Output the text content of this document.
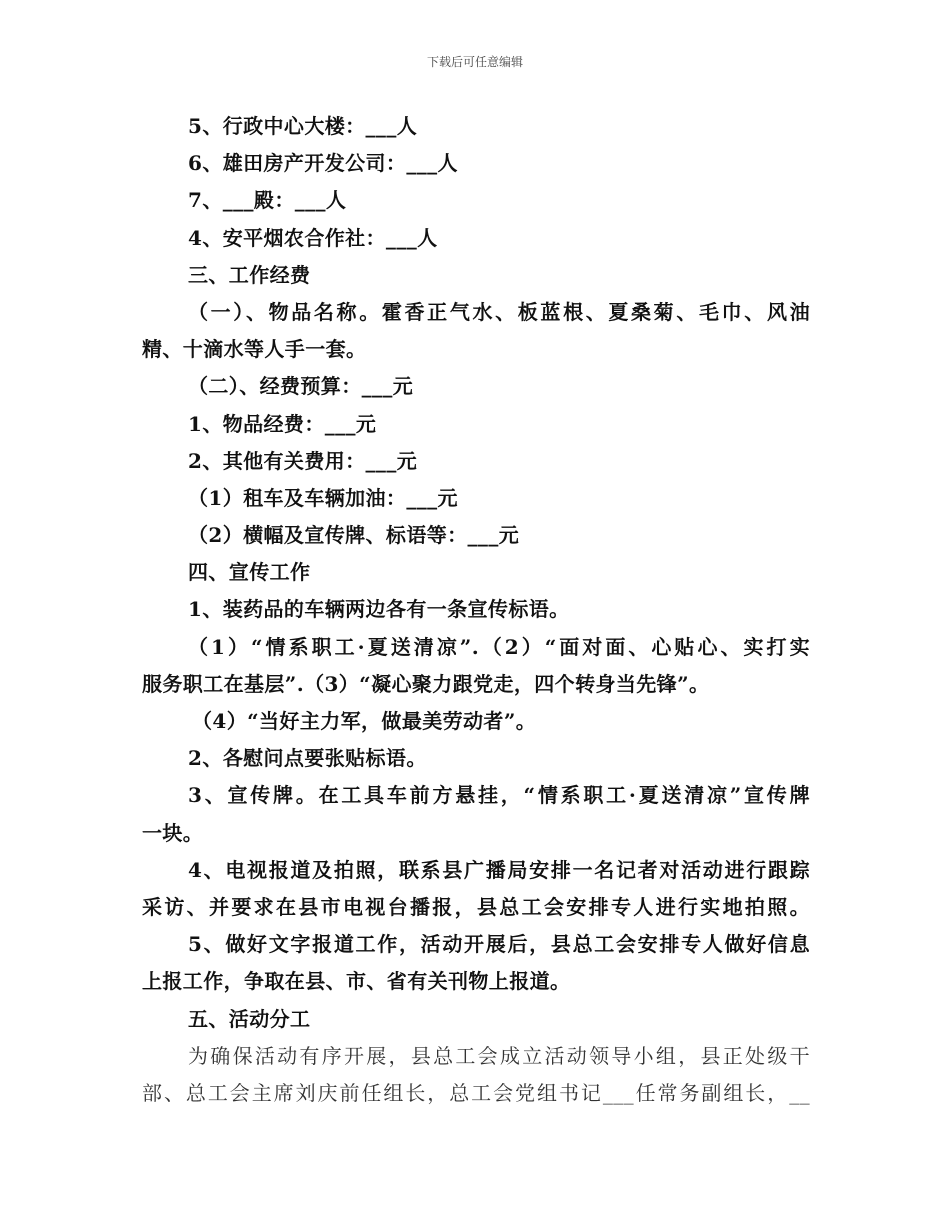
下载后可任意编辑
5、行政中心大楼：___人
6、雄田房产开发公司：___人
7、___殿：___人
4、安平烟农合作社：___人
三、工作经费
（一）、物品名称。霍香正气水、板蓝根、夏桑菊、毛巾、风油
精、十滴水等人手一套。
（二）、经费预算：___元
1、物品经费：___元
2、其他有关费用：___元
（1）租车及车辆加油：___元
（2）横幅及宣传牌、标语等：___元
四、宣传工作
1、装药品的车辆两边各有一条宣传标语。
（1）“情系职工·夏送清凉”.（2）“面对面、心贴心、实打实
服务职工在基层”.（3）“凝心聚力跟党走，四个转身当先锋”。
（4）“当好主力军，做最美劳动者”。
2、各慰问点要张贴标语。
3、宣传牌。在工具车前方悬挂，“情系职工·夏送清凉”宣传牌
一块。
4、电视报道及拍照，联系县广播局安排一名记者对活动进行跟踪
采访、并要求在县市电视台播报，县总工会安排专人进行实地拍照。
5、做好文字报道工作，活动开展后，县总工会安排专人做好信息
上报工作，争取在县、市、省有关刊物上报道。
五、活动分工
为确保活动有序开展，县总工会成立活动领导小组，县正处级干
部、总工会主席刘庆前任组长，总工会党组书记___任常务副组长，__
